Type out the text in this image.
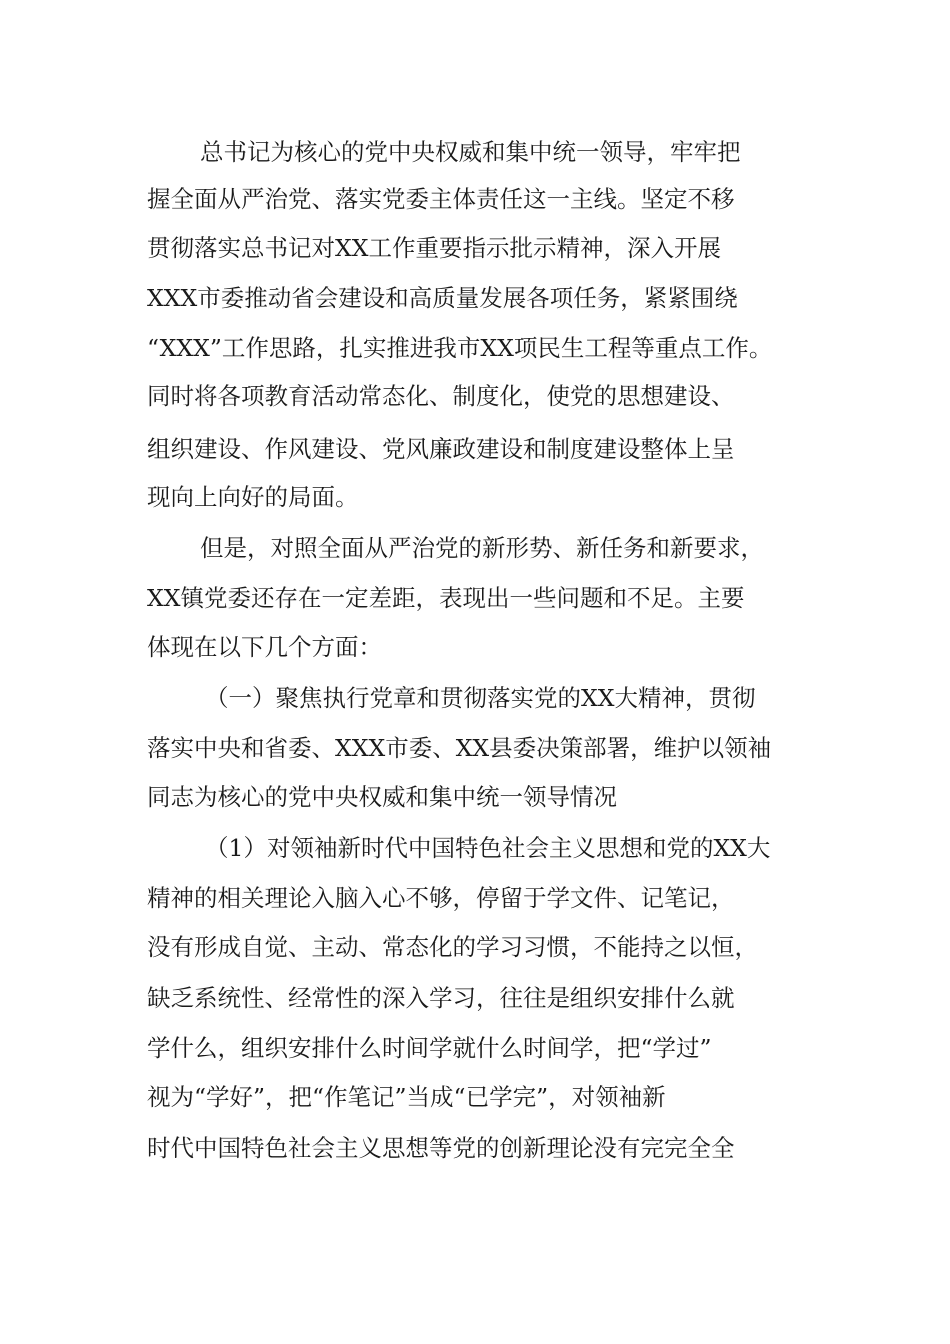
总书记为核心的党中央权威和集中统一领导，牢牢把
握全面从严治党、落实党委主体责任这一主线。坚定不移
贯彻落实总书记对XX工作重要指示批示精神，深入开展
XXX市委推动省会建设和高质量发展各项任务，紧紧围绕
“XXX”工作思路，扎实推进我市XX项民生工程等重点工作。
同时将各项教育活动常态化、制度化，使党的思想建设、
组织建设、作风建设、党风廉政建设和制度建设整体上呈
现向上向好的局面。
但是，对照全面从严治党的新形势、新任务和新要求，
XX镇党委还存在一定差距，表现出一些问题和不足。主要
体现在以下几个方面：
（一）聚焦执行党章和贯彻落实党的XX大精神，贯彻
落实中央和省委、XXX市委、XX县委决策部署，维护以领袖
同志为核心的党中央权威和集中统一领导情况
（1）对领袖新时代中国特色社会主义思想和党的XX大
精神的相关理论入脑入心不够，停留于学文件、记笔记，
没有形成自觉、主动、常态化的学习习惯，不能持之以恒，
缺乏系统性、经常性的深入学习，往往是组织安排什么就
学什么，组织安排什么时间学就什么时间学，把“学过”
视为“学好”，把“作笔记”当成“已学完”，对领袖新
时代中国特色社会主义思想等党的创新理论没有完完全全
